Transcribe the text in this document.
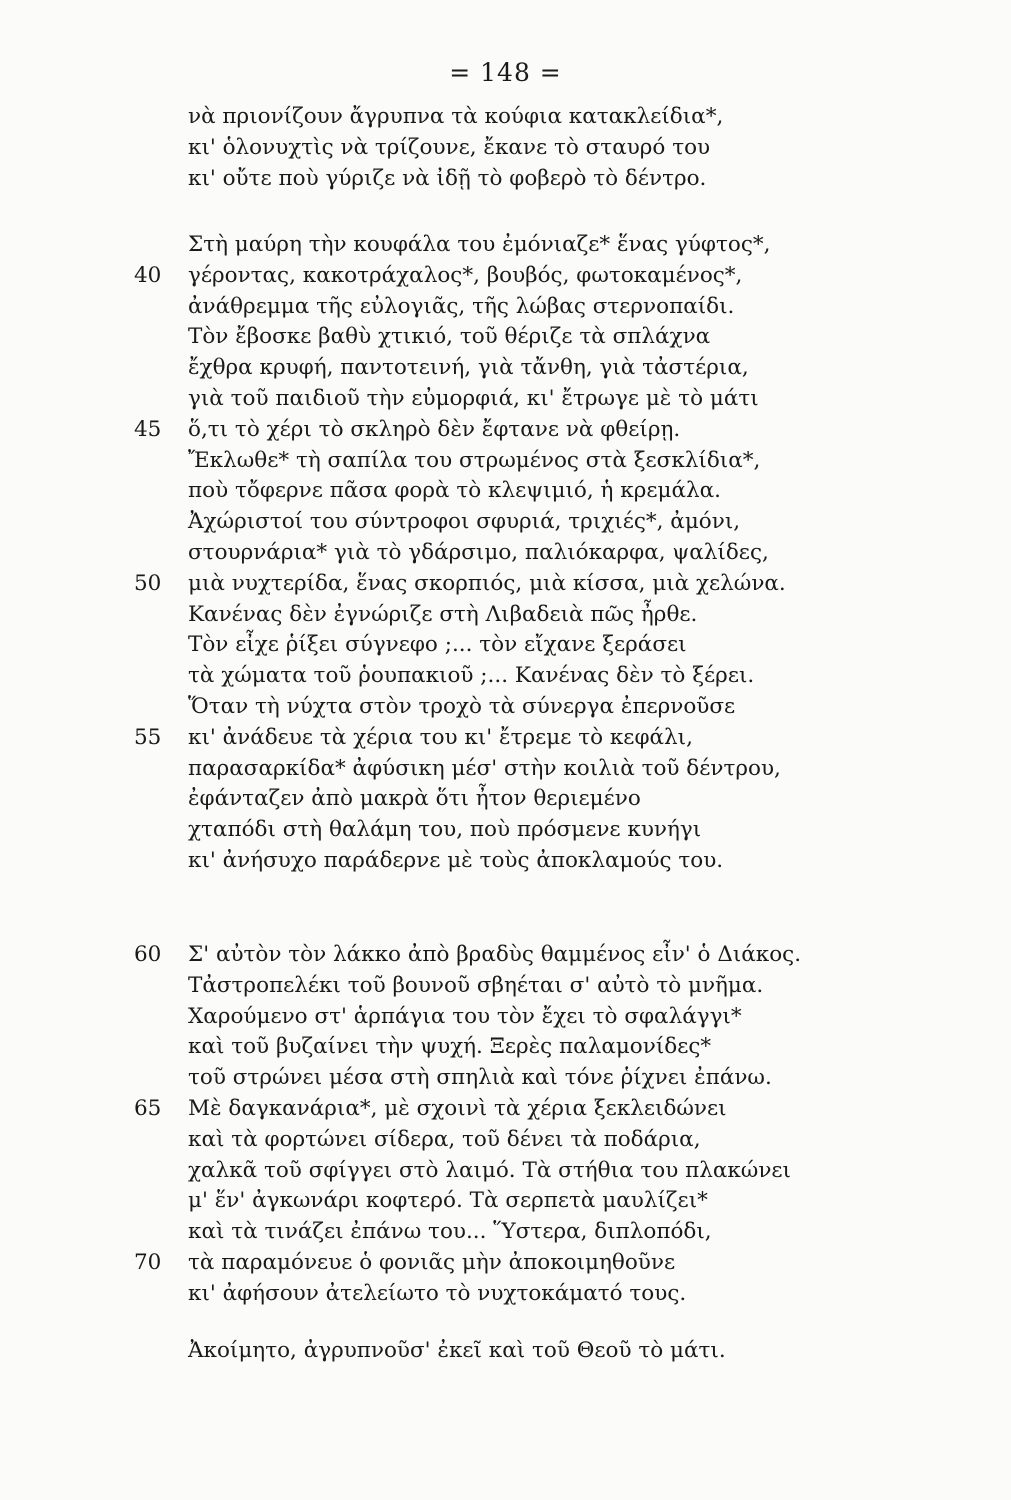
= 148 =
νὰ πριονίζουν ἄγρυπνα τὰ κούφια κατακλείδια*,
κι' ὁλονυχτὶς νὰ τρίζουνε, ἔκανε τὸ σταυρό του
κι' οὔτε ποὺ γύριζε νὰ ἰδῇ τὸ φοβερὸ τὸ δέντρο.
Στὴ μαύρη τὴν κουφάλα του ἐμόνιαζε* ἕνας γύφτος*,
40 γέροντας, κακοτράχαλος*, βουβός, φωτοκαμένος*,
ἀνάθρεμμα τῆς εὐλογιᾶς, τῆς λώβας στερνοπαίδι.
Τὸν ἔβοσκε βαθὺ χτικιό, τοῦ θέριζε τὰ σπλάχνα
ἔχθρα κρυφή, παντοτεινή, γιὰ τἄνθη, γιὰ τἀστέρια,
γιὰ τοῦ παιδιοῦ τὴν εὐμορφιά, κι' ἔτρωγε μὲ τὸ μάτι
45 ὅ,τι τὸ χέρι τὸ σκληρὸ δὲν ἔφτανε νὰ φθείρῃ.
Ἔκλωθε* τὴ σαπίλα του στρωμένος στὰ ξεσκλίδια*,
ποὺ τὄφερνε πᾶσα φορὰ τὸ κλεψιμιό, ἡ κρεμάλα.
Ἀχώριστοί του σύντροφοι σφυριά, τριχιές*, ἀμόνι,
στουρνάρια* γιὰ τὸ γδάρσιμο, παλιόκαρφα, ψαλίδες,
50 μιὰ νυχτερίδα, ἕνας σκορπιός, μιὰ κίσσα, μιὰ χελώνα.
Κανένας δὲν ἐγνώριζε στὴ Λιβαδειὰ πῶς ἦρθε.
Τὸν εἶχε ῥίξει σύγνεφο ;... τὸν εἴχανε ξεράσει
τὰ χώματα τοῦ ῥουπακιοῦ ;... Κανένας δὲν τὸ ξέρει.
Ὅταν τὴ νύχτα στὸν τροχὸ τὰ σύνεργα ἐπερνοῦσε
55 κι' ἀνάδευε τὰ χέρια του κι' ἔτρεμε τὸ κεφάλι,
παρασαρκίδα* ἀφύσικη μέσ' στὴν κοιλιὰ τοῦ δέντρου,
ἐφάνταζεν ἀπὸ μακρὰ ὅτι ἦτον θεριεμένο
χταπόδι στὴ θαλάμη του, ποὺ πρόσμενε κυνήγι
κι' ἀνήσυχο παράδερνε μὲ τοὺς ἀποκλαμούς του.
60 Σ' αὐτὸν τὸν λάκκο ἀπὸ βραδὺς θαμμένος εἶν' ὁ Διάκος.
Τἀστροπελέκι τοῦ βουνοῦ σβηέται σ' αὐτὸ τὸ μνῆμα.
Χαρούμενο στ' ἁρπάγια του τὸν ἔχει τὸ σφαλάγγι*
καὶ τοῦ βυζαίνει τὴν ψυχή. Ξερὲς παλαμονίδες*
τοῦ στρώνει μέσα στὴ σπηλιὰ καὶ τόνε ῥίχνει ἐπάνω.
65 Μὲ δαγκανάρια*, μὲ σχοινὶ τὰ χέρια ξεκλειδώνει
καὶ τὰ φορτώνει σίδερα, τοῦ δένει τὰ ποδάρια,
χαλκᾶ τοῦ σφίγγει στὸ λαιμό. Τὰ στήθια του πλακώνει
μ' ἕν' ἀγκωνάρι κοφτερό. Τὰ σερπετὰ μαυλίζει*
καὶ τὰ τινάζει ἐπάνω του... Ὕστερα, διπλοπόδι,
70 τὰ παραμόνευε ὁ φονιᾶς μὴν ἀποκοιμηθοῦνε
κι' ἀφήσουν ἀτελείωτο τὸ νυχτοκάματό τους.
Ἀκοίμητο, ἀγρυπνοῦσ' ἐκεῖ καὶ τοῦ Θεοῦ τὸ μάτι.
